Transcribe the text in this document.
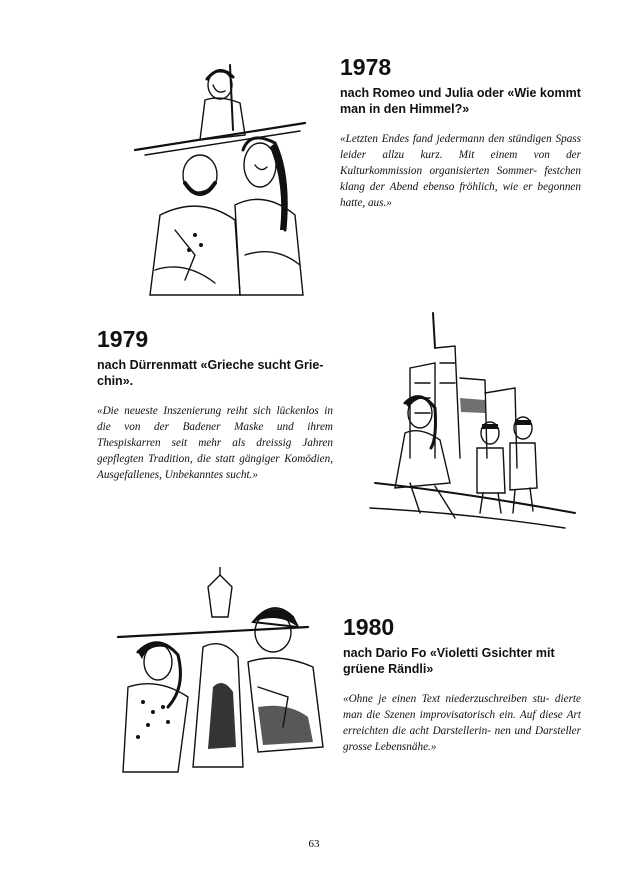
1978

nach Romeo und Julia oder «Wie kommt man in den Himmel?»

«Letzten Endes fand jedermann den stündigen Spass leider allzu kurz. Mit einem von der Kulturkommission organisierten Sommer- festchen klang der Abend ebenso fröhlich, wie er begonnen hatte, aus.»

1979

nach Dürrenmatt «Grieche sucht Grie- chin».

«Die neueste Inszenierung reiht sich lückenlos in die von der Badener Maske und ihrem Thespiskarren seit mehr als dreissig Jahren gepflegten Tradition, die statt gängiger Komödien, Ausgefallenes, Unbekanntes sucht.»

1980

nach Dario Fo «Violetti Gsichter mit grüene Rändli»

«Ohne je einen Text niederzuschreiben stu- dierte man die Szenen improvisatorisch ein. Auf diese Art erreichten die acht Darstellerin- nen und Darsteller grosse Lebensnähe.»

63
